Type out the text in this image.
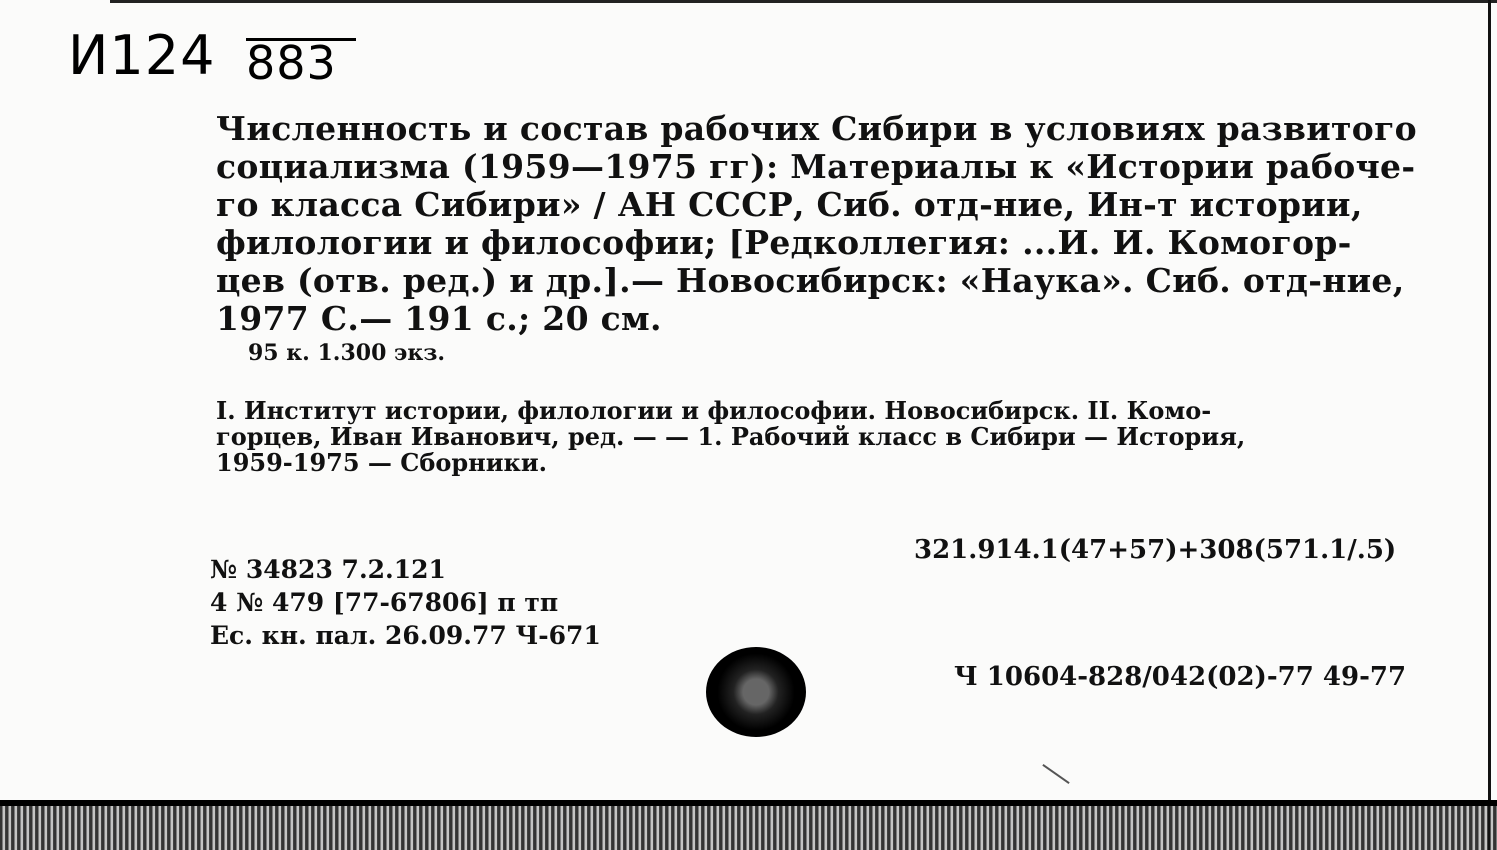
И124 883
Численность и состав рабочих Сибири в условиях развитого
социализма (1959—1975 гг): Материалы к «Истории рабоче-
го класса Сибири» / АН СССР, Сиб. отд-ние, Ин-т истории,
филологии и философии; [Редколлегия: ...И. И. Комогор-
цев (отв. ред.) и др.].— Новосибирск: «Наука». Сиб. отд-ние,
1977 С.— 191 с.; 20 см.
95 к. 1.300 экз.
I. Институт истории, филологии и философии. Новосибирск. II. Комо-
горцев, Иван Иванович, ред. — — 1. Рабочий класс в Сибири — История,
1959-1975 — Сборники.
321.914.1(47+57)+308(571.1/.5)
№ 34823 7.2.121
4 № 479 [77-67806] п тп
Ес. кн. пал. 26.09.77 Ч-671
Ч 10604-828/042(02)-77 49-77
